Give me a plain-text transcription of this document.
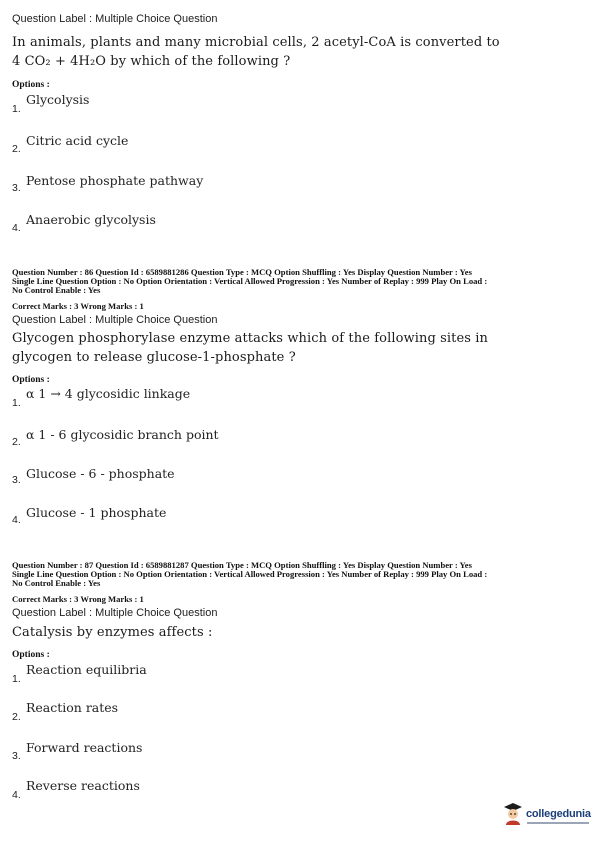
Question Label : Multiple Choice Question
In animals, plants and many microbial cells, 2 acetyl-CoA is converted to
4 CO₂ + 4H₂O by which of the following ?
Options :
1.
Glycolysis
2.
Citric acid cycle
3. Pentose phosphate pathway
4.
Anaerobic glycolysis
Question Number : 86 Question Id : 6589881286 Question Type : MCQ Option Shuffling : Yes Display Question Number : Yes
Single Line Question Option : No Option Orientation : Vertical Allowed Progression : Yes Number of Replay : 999 Play On Load :
No Control Enable : Yes
Correct Marks : 3 Wrong Marks : 1
Question Label : Multiple Choice Question
Glycogen phosphorylase enzyme attacks which of the following sites in
glycogen to release glucose-1-phosphate ?
Options :
1.
α 1 → 4 glycosidic linkage
2. α 1 - 6 glycosidic branch point
3. Glucose - 6 - phosphate
4. Glucose - 1 phosphate
Question Number : 87 Question Id : 6589881287 Question Type : MCQ Option Shuffling : Yes Display Question Number : Yes
Single Line Question Option : No Option Orientation : Vertical Allowed Progression : Yes Number of Replay : 999 Play On Load :
No Control Enable : Yes
Correct Marks : 3 Wrong Marks : 1
Question Label : Multiple Choice Question
Catalysis by enzymes affects :
Options :
1.
Reaction equilibria
2.
Reaction rates
3.
Forward reactions
4.
Reverse reactions
collegedunia
